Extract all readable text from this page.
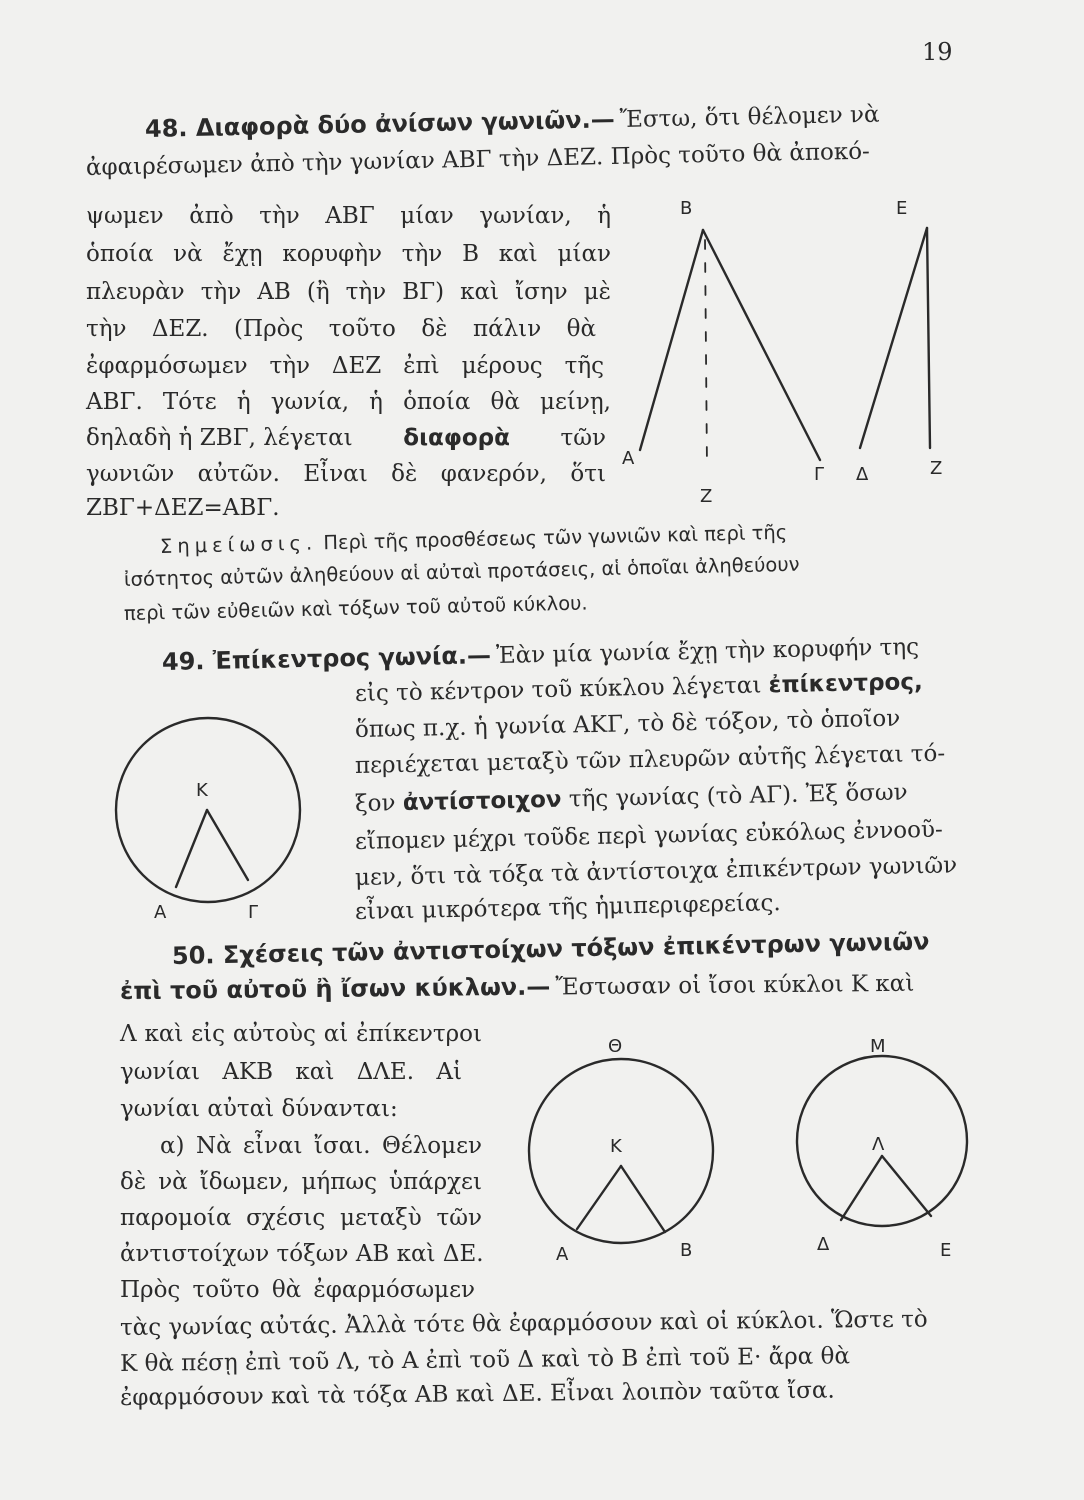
19
48. Διαφορὰ δύο ἀνίσων γωνιῶν.— Ἔστω, ὅτι θέλομεν νὰ
ἀφαιρέσωμεν ἀπὸ τὴν γωνίαν ΑΒΓ τὴν ΔΕΖ. Πρὸς τοῦτο θὰ ἀποκό-
ψωμεν ἀπὸ τὴν ΑΒΓ μίαν γωνίαν, ἡ
ὁποία νὰ ἔχῃ κορυφὴν τὴν Β καὶ μίαν
πλευρὰν τὴν ΑΒ (ἢ τὴν ΒΓ) καὶ ἴσην μὲ
τὴν ΔΕΖ. (Πρὸς τοῦτο δὲ πάλιν θὰ
ἐφαρμόσωμεν τὴν ΔΕΖ ἐπὶ μέρους τῆς
ΑΒΓ. Τότε ἡ γωνία, ἡ ὁποία θὰ μείνῃ,
δηλαδὴ ἡ ΖΒΓ, λέγεται διαφορὰ τῶν
γωνιῶν αὐτῶν. Εἶναι δὲ φανερόν, ὅτι
ΖΒΓ+ΔΕΖ=ΑΒΓ.
Β	Ε
Α
Ζ
Γ Δ	Ζ
Σημείωσις. Περὶ τῆς προσθέσεως τῶν γωνιῶν καὶ περὶ τῆς
ἰσότητος αὐτῶν ἀληθεύουν αἱ αὐταὶ προτάσεις, αἱ ὁποῖαι ἀληθεύουν
περὶ τῶν εὐθειῶν καὶ τόξων τοῦ αὐτοῦ κύκλου.
49. Ἐπίκεντρος γωνία.— Ἐὰν μία γωνία ἔχῃ τὴν κορυφήν της
εἰς τὸ κέντρον τοῦ κύκλου λέγεται ἐπίκεντρος,
ὅπως π.χ. ἡ γωνία ΑΚΓ, τὸ δὲ τόξον, τὸ ὁποῖον
περιέχεται μεταξὺ τῶν πλευρῶν αὐτῆς λέγεται τό-
ξον ἀντίστοιχον τῆς γωνίας (τὸ ΑΓ). Ἐξ ὅσων
εἴπομεν μέχρι τοῦδε περὶ γωνίας εὐκόλως ἐννοοῦ-
μεν, ὅτι τὰ τόξα τὰ ἀντίστοιχα ἐπικέντρων γωνιῶν
εἶναι μικρότερα τῆς ἡμιπεριφερείας.
Κ
Α	Γ
50. Σχέσεις τῶν ἀντιστοίχων τόξων ἐπικέντρων γωνιῶν
ἐπὶ τοῦ αὐτοῦ ἢ ἴσων κύκλων.— Ἔστωσαν οἱ ἴσοι κύκλοι Κ καὶ
Λ καὶ εἰς αὐτοὺς αἱ ἐπίκεντροι
γωνίαι ΑΚΒ καὶ ΔΛΕ. Αἱ
γωνίαι αὐταὶ δύνανται:
α) Νὰ εἶναι ἴσαι. Θέλομεν
δὲ νὰ ἴδωμεν, μήπως ὑπάρχει
παρομοία σχέσις μεταξὺ τῶν
ἀντιστοίχων τόξων ΑΒ καὶ ΔΕ.
Πρὸς τοῦτο θὰ ἐφαρμόσωμεν
τὰς γωνίας αὐτάς. Ἀλλὰ τότε θὰ ἐφαρμόσουν καὶ οἱ κύκλοι. Ὥστε τὸ
Κ θὰ πέσῃ ἐπὶ τοῦ Λ, τὸ Α ἐπὶ τοῦ Δ καὶ τὸ Β ἐπὶ τοῦ Ε· ἄρα θὰ
ἐφαρμόσουν καὶ τὰ τόξα ΑΒ καὶ ΔΕ. Εἶναι λοιπὸν ταῦτα ἴσα.
Θ
Κ
Α	Β
Μ
Λ
Δ	Ε
